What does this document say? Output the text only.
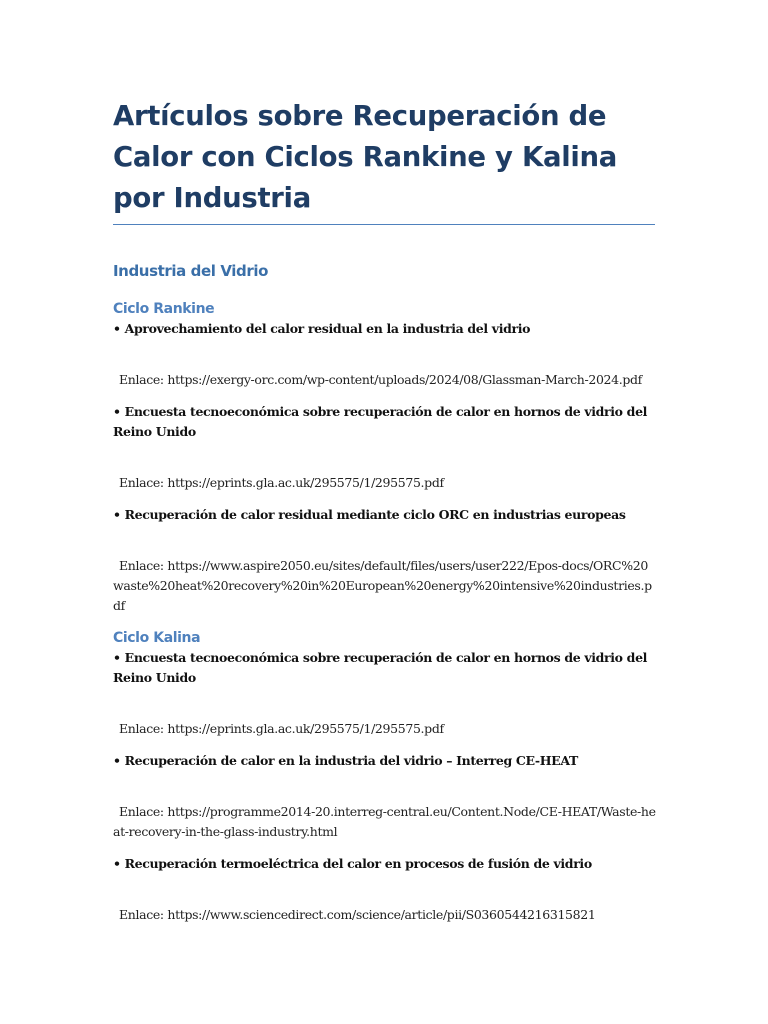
Artículos sobre Recuperación de Calor con Ciclos Rankine y Kalina por Industria
Industria del Vidrio
Ciclo Rankine

• Aprovechamiento del calor residual en la industria del vidrio

Enlace: https://exergy-orc.com/wp-content/uploads/2024/08/Glassman-March-2024.pdf

• Encuesta tecnoeconómica sobre recuperación de calor en hornos de vidrio del Reino Unido

Enlace: https://eprints.gla.ac.uk/295575/1/295575.pdf

• Recuperación de calor residual mediante ciclo ORC en industrias europeas

Enlace: https://www.aspire2050.eu/sites/default/files/users/user222/Epos-docs/ORC%20waste%20heat%20recovery%20in%20European%20energy%20intensive%20industries.pdf

Ciclo Kalina

• Encuesta tecnoeconómica sobre recuperación de calor en hornos de vidrio del Reino Unido

Enlace: https://eprints.gla.ac.uk/295575/1/295575.pdf

• Recuperación de calor en la industria del vidrio – Interreg CE-HEAT

Enlace: https://programme2014-20.interreg-central.eu/Content.Node/CE-HEAT/Waste-heat-recovery-in-the-glass-industry.html

• Recuperación termoeléctrica del calor en procesos de fusión de vidrio

Enlace: https://www.sciencedirect.com/science/article/pii/S0360544216315821
